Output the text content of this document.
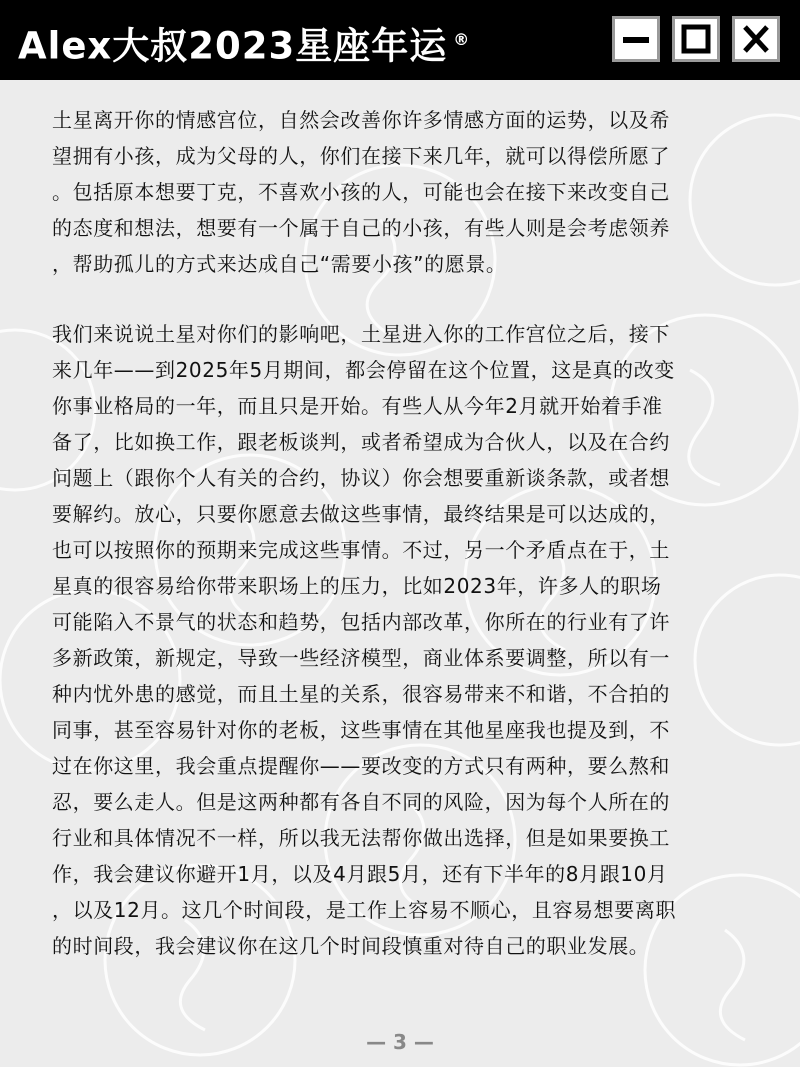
Alex大叔2023星座年运 ®
土星离开你的情感宫位，自然会改善你许多情感方面的运势，以及希
望拥有小孩，成为父母的人，你们在接下来几年，就可以得偿所愿了
。包括原本想要丁克，不喜欢小孩的人，可能也会在接下来改变自己
的态度和想法，想要有一个属于自己的小孩，有些人则是会考虑领养
，帮助孤儿的方式来达成自己“需要小孩”的愿景。
我们来说说土星对你们的影响吧，土星进入你的工作宫位之后，接下
来几年——到2025年5月期间，都会停留在这个位置，这是真的改变
你事业格局的一年，而且只是开始。有些人从今年2月就开始着手准
备了，比如换工作，跟老板谈判，或者希望成为合伙人，以及在合约
问题上（跟你个人有关的合约，协议）你会想要重新谈条款，或者想
要解约。放心，只要你愿意去做这些事情，最终结果是可以达成的，
也可以按照你的预期来完成这些事情。不过，另一个矛盾点在于，土
星真的很容易给你带来职场上的压力，比如2023年，许多人的职场
可能陷入不景气的状态和趋势，包括内部改革，你所在的行业有了许
多新政策，新规定，导致一些经济模型，商业体系要调整，所以有一
种内忧外患的感觉，而且土星的关系，很容易带来不和谐，不合拍的
同事，甚至容易针对你的老板，这些事情在其他星座我也提及到，不
过在你这里，我会重点提醒你——要改变的方式只有两种，要么熬和
忍，要么走人。但是这两种都有各自不同的风险，因为每个人所在的
行业和具体情况不一样，所以我无法帮你做出选择，但是如果要换工
作，我会建议你避开1月，以及4月跟5月，还有下半年的8月跟10月
，以及12月。这几个时间段，是工作上容易不顺心，且容易想要离职
的时间段，我会建议你在这几个时间段慎重对待自己的职业发展。
— 3 —
